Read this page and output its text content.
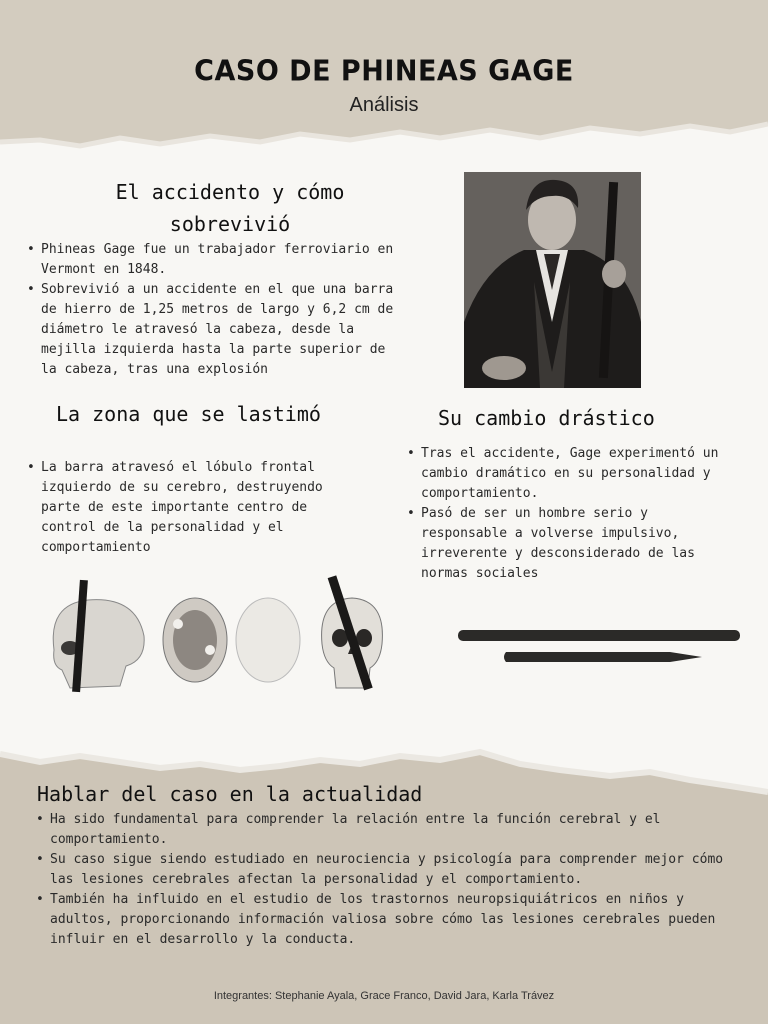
CASO DE PHINEAS GAGE
Análisis
El accidento y cómo
sobrevivió
• Phineas Gage fue un trabajador ferroviario en Vermont en 1848.
• Sobrevivió a un accidente en el que una barra de hierro de 1,25 metros de largo y 6,2 cm de diámetro le atravesó la cabeza, desde la mejilla izquierda hasta la parte superior de la cabeza, tras una explosión
La zona que se lastimó
• La barra atravesó el lóbulo frontal izquierdo de su cerebro, destruyendo parte de este importante centro de control de la personalidad y el comportamiento
Su cambio drástico
• Tras el accidente, Gage experimentó un cambio dramático en su personalidad y comportamiento.
• Pasó de ser un hombre serio y responsable a volverse impulsivo, irreverente y desconsiderado de las normas sociales
Hablar del caso en la actualidad
• Ha sido fundamental para comprender la relación entre la función cerebral y el comportamiento.
• Su caso sigue siendo estudiado en neurociencia y psicología para comprender mejor cómo las lesiones cerebrales afectan la personalidad y el comportamiento.
• También ha influido en el estudio de los trastornos neuropsiquiátricos en niños y adultos, proporcionando información valiosa sobre cómo las lesiones cerebrales pueden influir en el desarrollo y la conducta.
Integrantes: Stephanie Ayala, Grace Franco, David Jara, Karla Trávez
